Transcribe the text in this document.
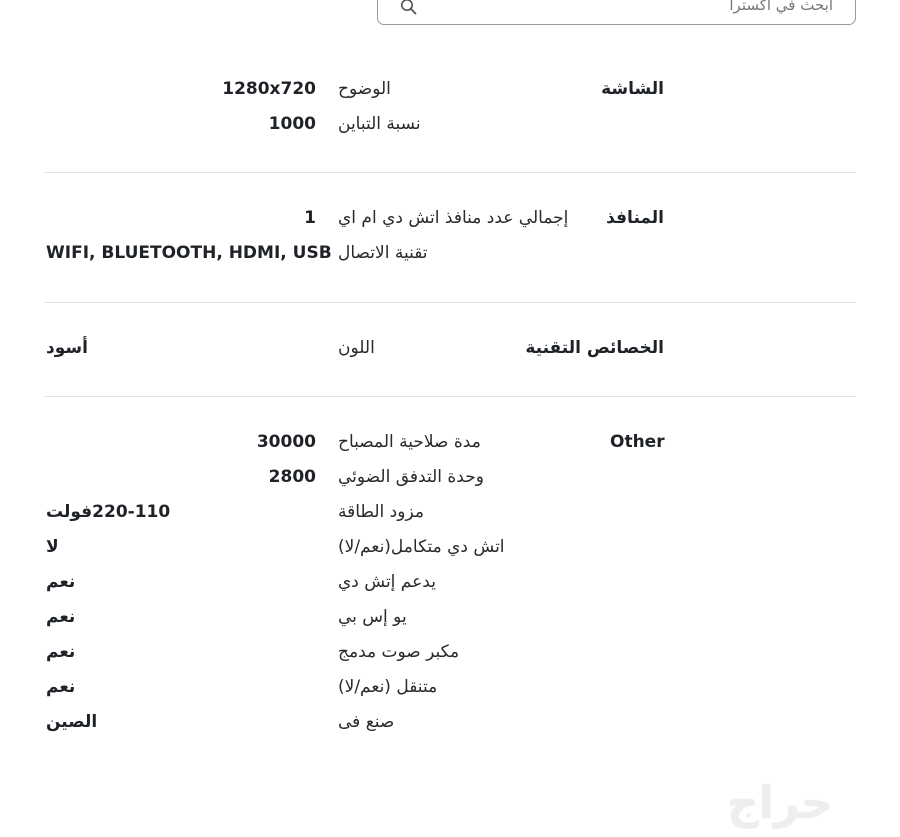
ابحث في اكسترا
الشاشة
الوضوح
1280x720
نسبة التباين
1000
المنافذ
إجمالي عدد منافذ اتش دي ام اي
1
تقنية الاتصال
WIFI, BLUETOOTH, HDMI, USB
الخصائص التقنية
اللون
أسود
Other
مدة صلاحية المصباح
30000
وحدة التدفق الضوئي
2800
مزود الطاقة
220-110فولت
اتش دي متكامل(نعم/لا)
لا
يدعم إتش دي
نعم
يو إس بي
نعم
مكبر صوت مدمج
نعم
متنقل (نعم/لا)
نعم
صنع فى
الصين
حراج
